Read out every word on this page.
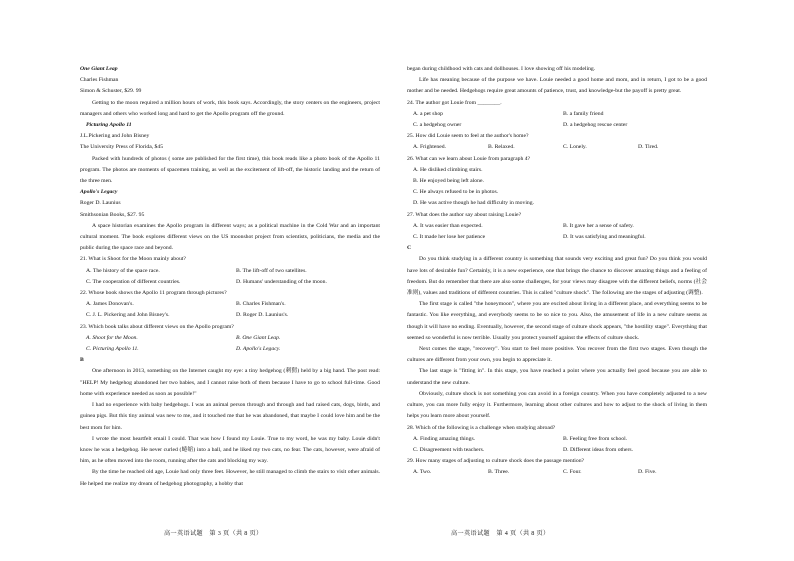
One Giant Leap

Charles Fishman

Simon & Schuster, $29. 99

Getting to the moon required a million hours of work, this book says. Accordingly, the story centers on the engineers, project managers and others who worked long and hard to get the Apollo program off the ground.

Picturing Apollo 11

J.L.Pickering and John Bisney

The University Press of Florida, $45

Packed with hundreds of photos ( some are published for the first time), this book reads like a photo book of the Apollo 11 program. The photos are moments of spacemen training, as well as the excitement of lift-off, the historic landing and the return of the three men.

Apollo's Legacy

Roger D. Launius

Smithsonian Books, $27. 95

A space historian examines the Apollo program in different ways; as a political machine in the Cold War and an important cultural moment. The book explores different views on the US moonshot project from scientists, politicians, the media and the public during the space race and beyond.

21. What is Shoot for the Moon mainly about?

A. The history of the space race.	B. The lift-off of two satellites.
C. The cooperation of different countries.	D. Humans' understanding of the moon.

22. Whose book shows the Apollo 11 program through pictures?

A. James Donovan's.	B. Charles Fishman's.
C. J. L. Pickering and John Bisney's.	D. Roger D. Launius's.

23. Which book talks about different views on the Apollo program?

A. Shoot for the Moon.	B. One Giant Leap.
C. Picturing Apollo 11.	D. Apollo's Legacy.

B

One afternoon in 2013, something on the Internet caught my eye: a tiny hedgehog (刺猬) held by a big hand. The post read: "HELP! My hedgehog abandoned her two babies, and I cannot raise both of them because I have to go to school full-time. Good home with experience needed as soon as possible!"

I had no experience with baby hedgehogs. I was an animal person through and through and had raised cats, dogs, birds, and guinea pigs. But this tiny animal was new to me, and it touched me that he was abandoned, that maybe I could love him and be the best mom for him.

I wrote the most heartfelt email I could. That was how I found my Louie. True to my word, he was my baby. Louie didn't know he was a hedgehog. He never curled (蜷缩) into a ball, and he liked my two cats, no fear. The cats, however, were afraid of him, as he often moved into the room, running after the cats and blocking my way.

By the time he reached old age, Louie had only three feet. However, he still managed to climb the stairs to visit other animals. He helped me realize my dream of hedgehog photography, a hobby that

高一英语试题　第 3 页（共 8 页）

began during childhood with cats and dollhouses. I love showing off his modeling.

Life has meaning because of the purpose we have. Louie needed a good home and mom, and in return, I got to be a good mother and be needed. Hedgehogs require great amounts of patience, trust, and knowledge-but the payoff is pretty great.

24. The author got Louie from ________.

A. a pet shop	B. a family friend
C. a hedgehog owner	D. a hedgehog rescue center

25. How did Louie seem to feel at the author's home?

A. Frightened.	B. Relaxed.	C. Lonely.	D. Tired.

26. What can we learn about Louie from paragraph 4?

A. He disliked climbing stairs.

B. He enjoyed being left alone.

C. He always refused to be in photos.

D. He was active though he had difficulty in moving.

27. What does the author say about raising Louie?

A. It was easier than expected.	B. It gave her a sense of safety.
C. It made her lose her patience	D. It was satisfying and meaningful.

C

Do you think studying in a different country is something that sounds very exciting and great fun? Do you think you would have lots of desirable fun? Certainly, it is a new experience, one that brings the chance to discover amazing things and a feeling of freedom. But do remember that there are also some challenges, for your views may disagree with the different beliefs, norms (社会准则), values and traditions of different countries. This is called "culture shock". The following are the stages of adjusting (调整).

The first stage is called "the honeymoon", where you are excited about living in a different place, and everything seems to be fantastic. You like everything, and everybody seems to be so nice to you. Also, the amusement of life in a new culture seems as though it will have no ending. Eventually, however, the second stage of culture shock appears, "the hostility stage". Everything that seemed so wonderful is now terrible. Usually you protect yourself against the effects of culture shock.

Next comes the stage, "recovery". You start to feel more positive. You recover from the first two stages. Even though the cultures are different from your own, you begin to appreciate it.

The last stage is "fitting in". In this stage, you have reached a point where you actually feel good because you are able to understand the new culture.

Obviously, culture shock is not something you can avoid in a foreign country. When you have completely adjusted to a new culture, you can more fully enjoy it. Furthermore, learning about other cultures and how to adjust to the shock of living in them helps you learn more about yourself.

28. Which of the following is a challenge when studying abroad?

A. Finding amazing things.	B. Feeling free from school.
C. Disagreement with teachers.	D. Different ideas from others.

29. How many stages of adjusting to culture shock does the passage mention?

A. Two.	B. Three.	C. Four.	D. Five.
高一英语试题　第 4 页（共 8 页）
